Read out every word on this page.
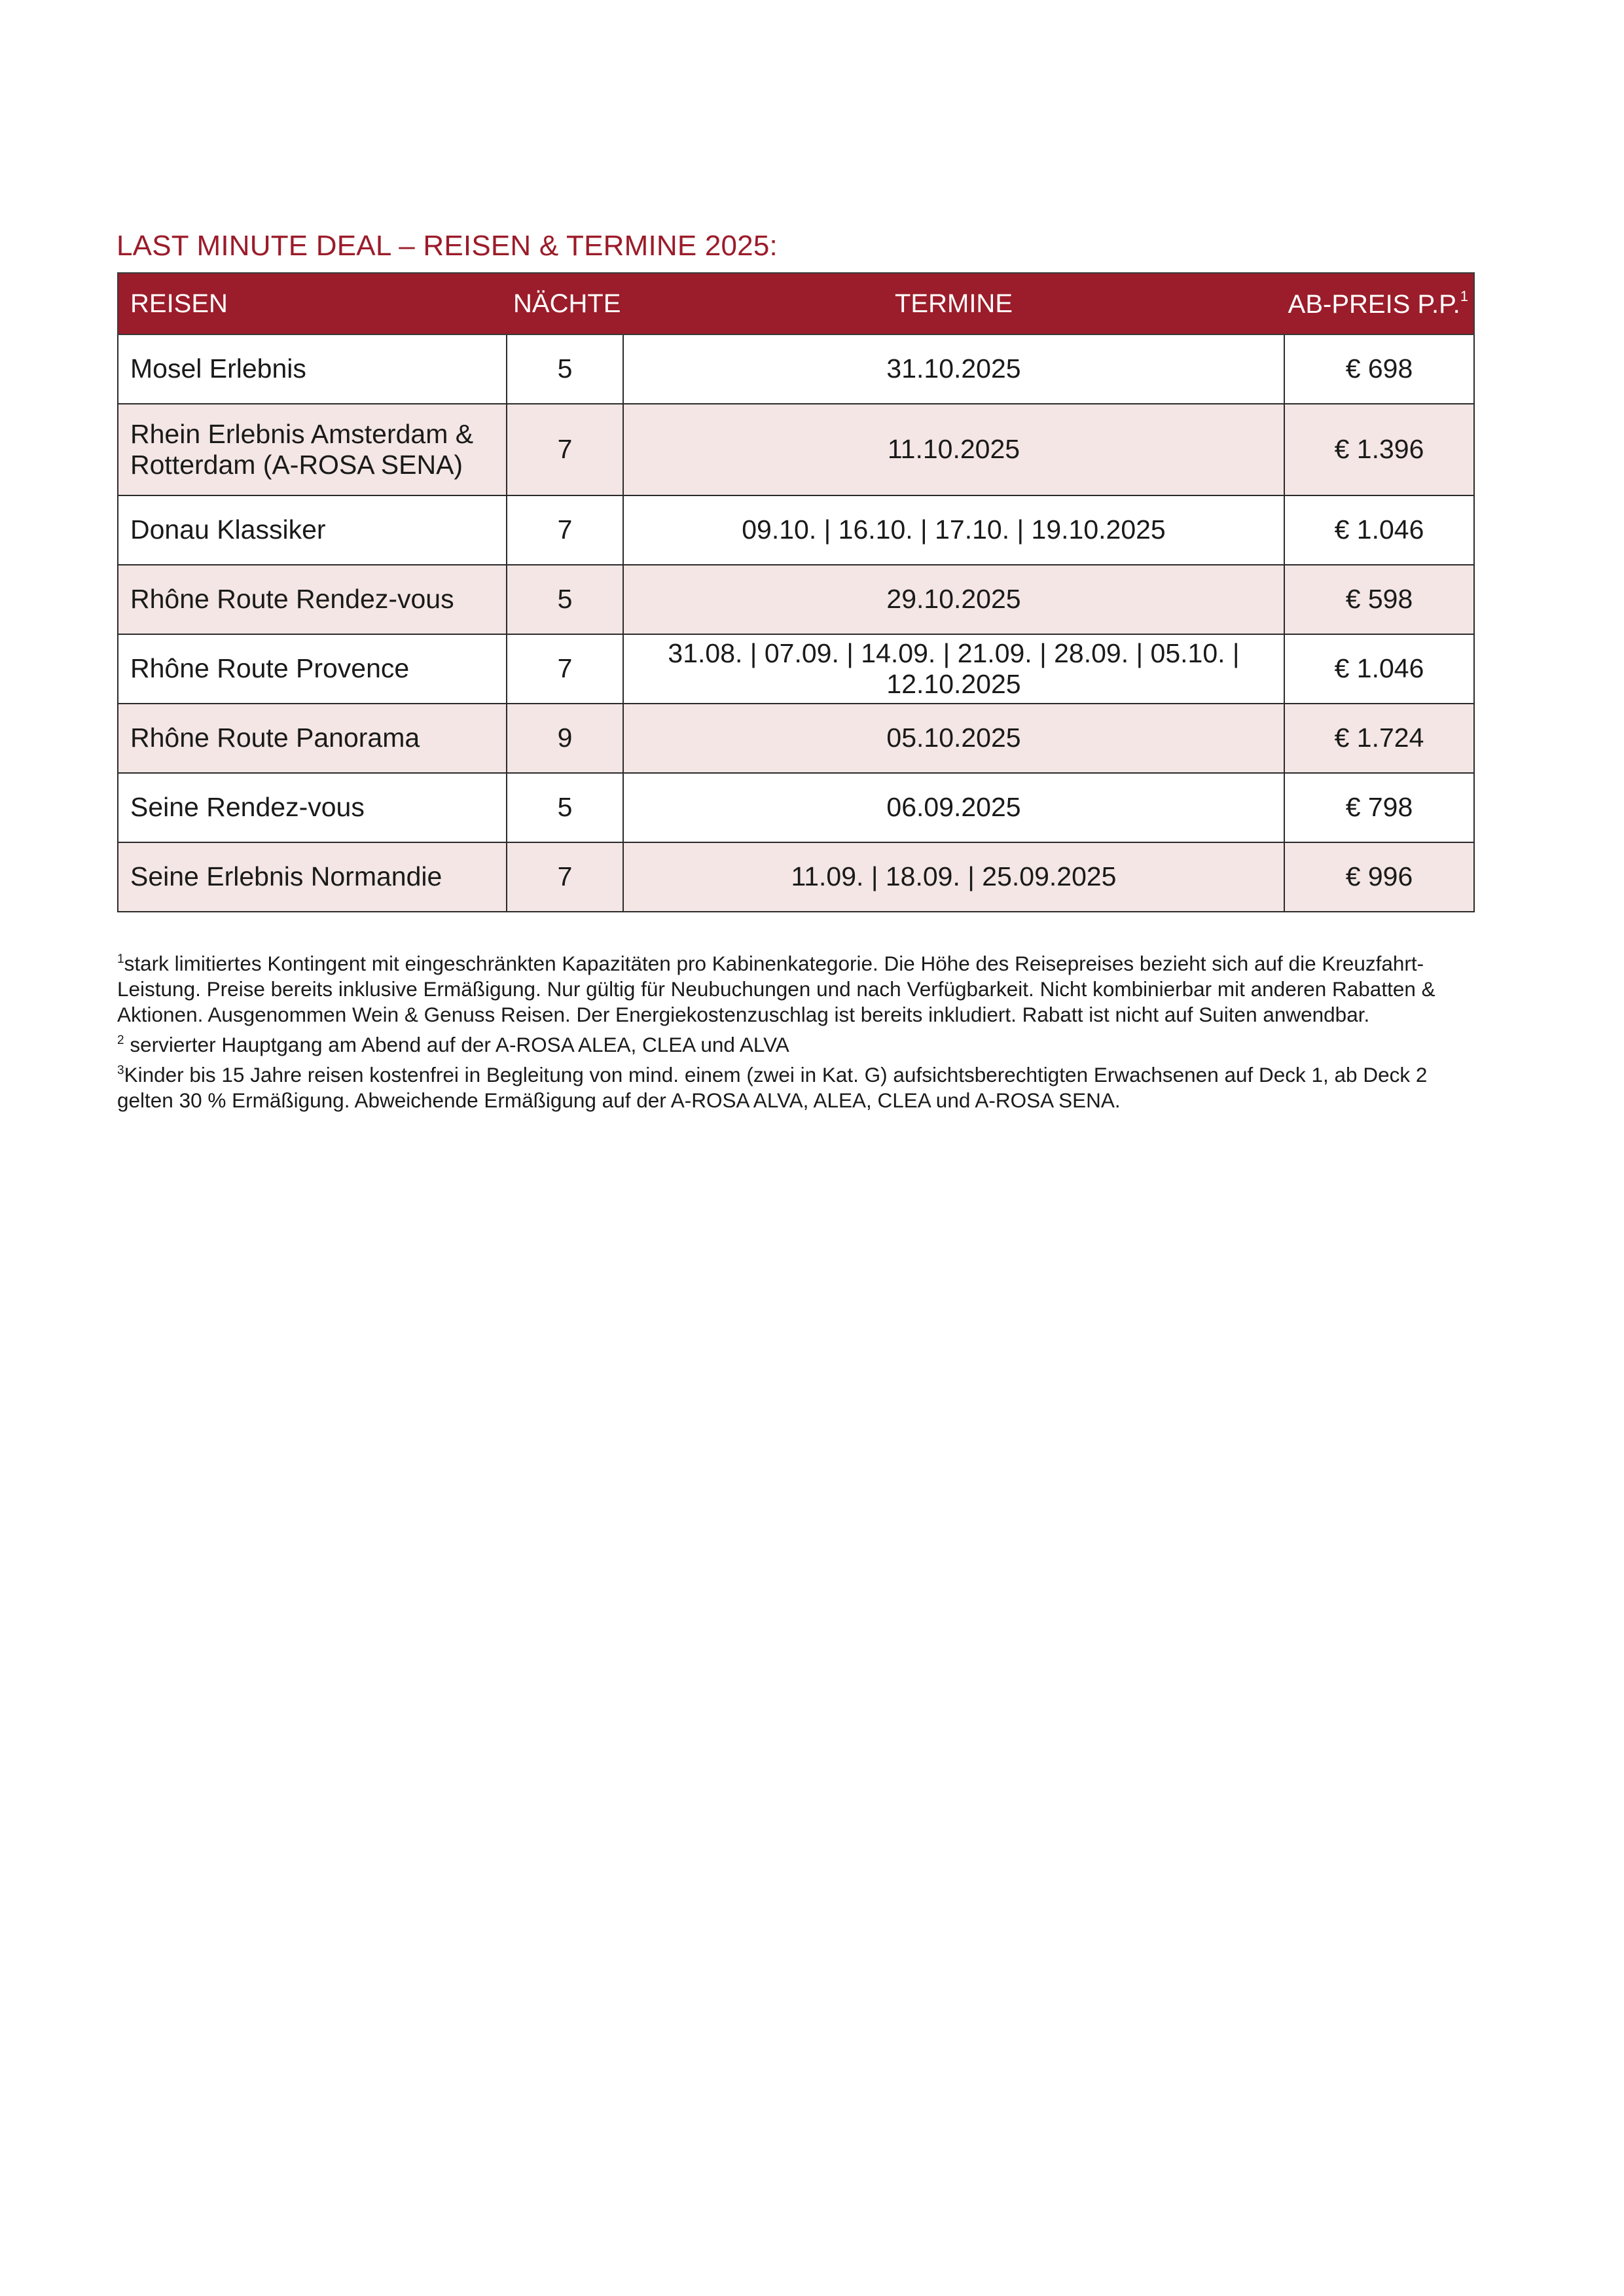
LAST MINUTE DEAL – REISEN & TERMINE 2025:
REISEN	NÄCHTE	TERMINE	AB-PREIS P.P.$^1$
Mosel Erlebnis	5	31.10.2025	€ 698
Rhein Erlebnis Amsterdam & Rotterdam (A-ROSA SENA)	7	11.10.2025	€ 1.396
Donau Klassiker	7	09.10. | 16.10. | 17.10. | 19.10.2025	€ 1.046
Rhône Route Rendez-vous	5	29.10.2025	€ 598
Rhône Route Provence	7	31.08. | 07.09. | 14.09. | 21.09. | 28.09. | 05.10. | 12.10.2025	€ 1.046
Rhône Route Panorama	9	05.10.2025	€ 1.724
Seine Rendez-vous	5	06.09.2025	€ 798
Seine Erlebnis Normandie	7	11.09. | 18.09. | 25.09.2025	€ 996

$^1$stark limitiertes Kontingent mit eingeschränkten Kapazitäten pro Kabinenkategorie. Die Höhe des Reisepreises bezieht sich auf die Kreuzfahrt-Leistung. Preise bereits inklusive Ermäßigung. Nur gültig für Neubuchungen und nach Verfügbarkeit. Nicht kombinierbar mit anderen Rabatten & Aktionen. Ausgenommen Wein & Genuss Reisen. Der Energiekostenzuschlag ist bereits inkludiert. Rabatt ist nicht auf Suiten anwendbar.

$^2$ servierter Hauptgang am Abend auf der A-ROSA ALEA, CLEA und ALVA

$^3$Kinder bis 15 Jahre reisen kostenfrei in Begleitung von mind. einem (zwei in Kat. G) aufsichtsberechtigten Erwachsenen auf Deck 1, ab Deck 2 gelten 30 % Ermäßigung. Abweichende Ermäßigung auf der A-ROSA ALVA, ALEA, CLEA und A-ROSA SENA.
